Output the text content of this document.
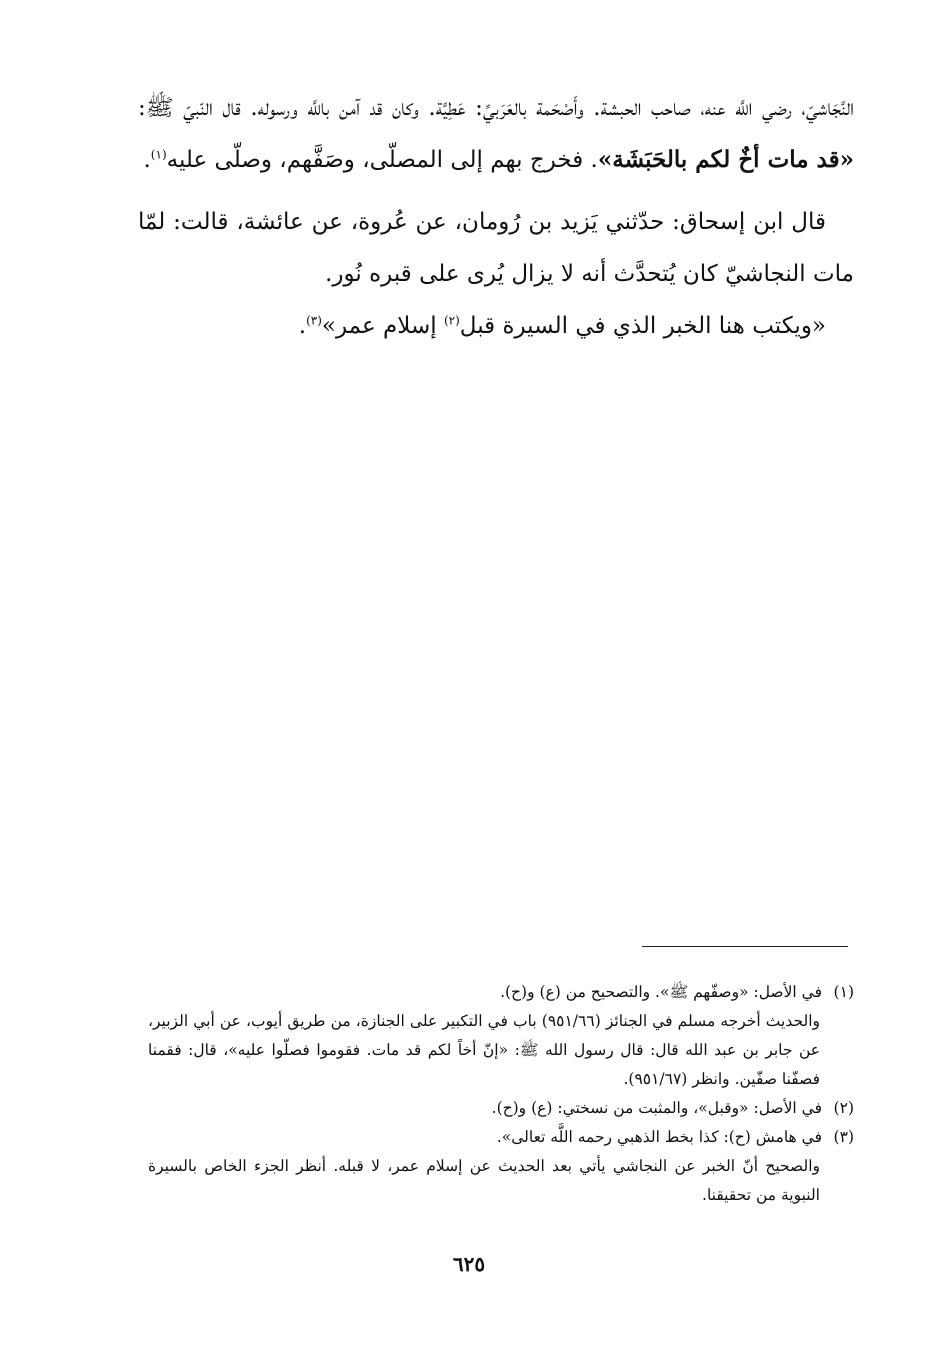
النَّجَاشيّ، رضي اللَّه عنه، صاحب الحبشة. وأَصْحَمة بالعَرَبيِّ: عَطِيَّة. وكان قد آمن باللَّه ورسوله. قال النّبيّ ﷺ: «قد مات أخٌ لكم بالحَبَشَة». فخرج بهم إلى المصلّى، وصَفَّهم، وصلّى عليه$^{(١)}$.

قال ابن إسحاق: حدّثني يَزيد بن رُومان، عن عُروة، عن عائشة، قالت: لمّا مات النجاشيّ كان يُتحدَّث أنه لا يزال يُرى على قبره نُور.

«ويكتب هنا الخبر الذي في السيرة قبل$^{(٢)}$ إسلام عمر»$^{(٣)}$.

(١)في الأصل: «وصفّهم ﷺ». والتصحيح من (ع) و(ح).

والحديث أخرجه مسلم في الجنائز (٩٥١/٦٦) باب في التكبير على الجنازة، من طريق أيوب، عن أبي الزبير، عن جابر بن عبد الله قال: قال رسول الله ﷺ: «إنّ أخاً لكم قد مات. فقوموا فصلّوا عليه»، قال: فقمنا فصفّنا صفّين. وانظر (٩٥١/٦٧).

(٢)في الأصل: «وقبل»، والمثبت من نسختي: (ع) و(ح).

(٣)في هامش (ح): كذا بخط الذهبي رحمه اللَّه تعالى».

والصحيح أنّ الخبر عن النجاشي يأتي بعد الحديث عن إسلام عمر، لا قبله. أنظر الجزء الخاص بالسيرة النبوية من تحقيقنا.

٦٢٥
